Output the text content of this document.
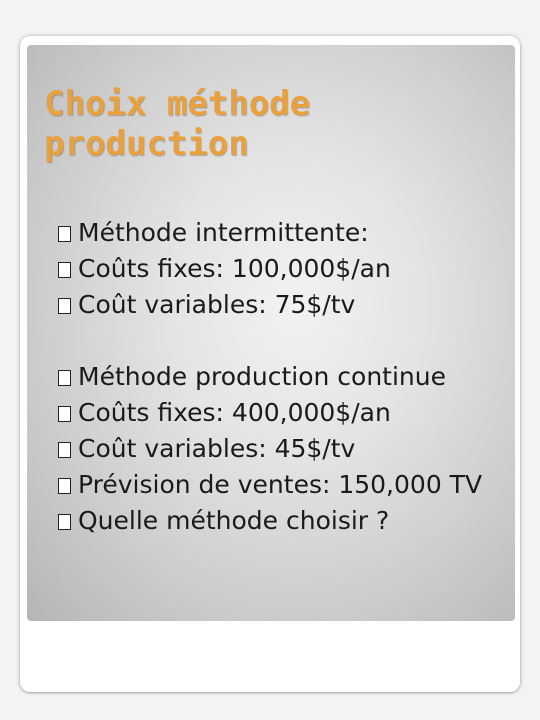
Choix méthode
production
Méthode intermittente:
Coûts fixes: 100,000$/an
Coût variables: 75$/tv
Méthode production continue
Coûts fixes: 400,000$/an
Coût variables: 45$/tv
Prévision de ventes: 150,000 TV
Quelle méthode choisir ?
